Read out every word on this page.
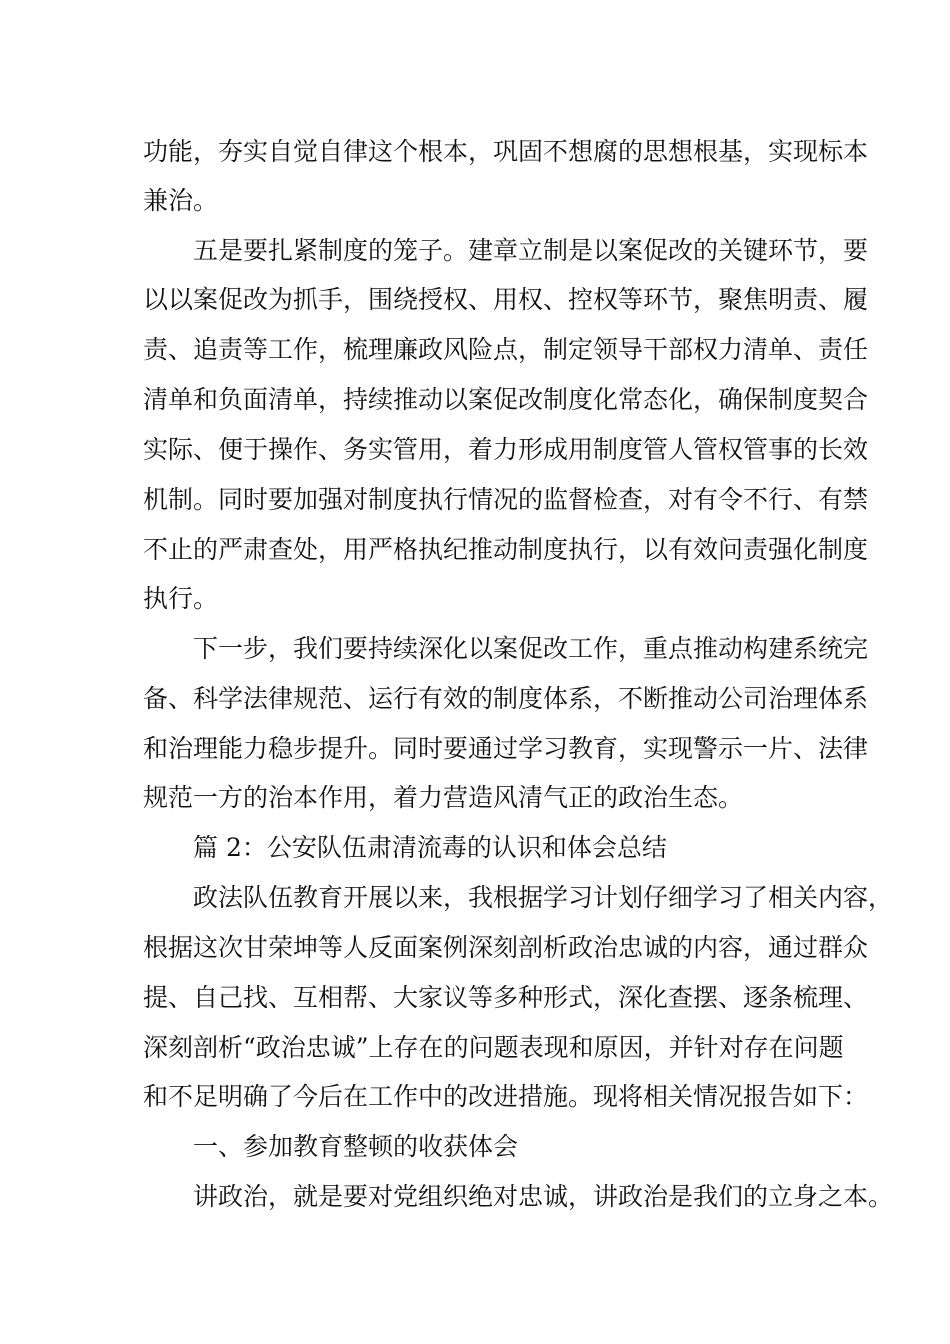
功能，夯实自觉自律这个根本，巩固不想腐的思想根基，实现标本
兼治。
　　五是要扎紧制度的笼子。建章立制是以案促改的关键环节，要
以以案促改为抓手，围绕授权、用权、控权等环节，聚焦明责、履
责、追责等工作，梳理廉政风险点，制定领导干部权力清单、责任
清单和负面清单，持续推动以案促改制度化常态化，确保制度契合
实际、便于操作、务实管用，着力形成用制度管人管权管事的长效
机制。同时要加强对制度执行情况的监督检查，对有令不行、有禁
不止的严肃查处，用严格执纪推动制度执行，以有效问责强化制度
执行。
　　下一步，我们要持续深化以案促改工作，重点推动构建系统完
备、科学法律规范、运行有效的制度体系，不断推动公司治理体系
和治理能力稳步提升。同时要通过学习教育，实现警示一片、法律
规范一方的治本作用，着力营造风清气正的政治生态。
　　篇 2：公安队伍肃清流毒的认识和体会总结
　　政法队伍教育开展以来，我根据学习计划仔细学习了相关内容，
根据这次甘荣坤等人反面案例深刻剖析政治忠诚的内容，通过群众
提、自己找、互相帮、大家议等多种形式，深化查摆、逐条梳理、
深刻剖析“政治忠诚”上存在的问题表现和原因，并针对存在问题
和不足明确了今后在工作中的改进措施。现将相关情况报告如下：
　　一、参加教育整顿的收获体会
　　讲政治，就是要对党组织绝对忠诚，讲政治是我们的立身之本。
